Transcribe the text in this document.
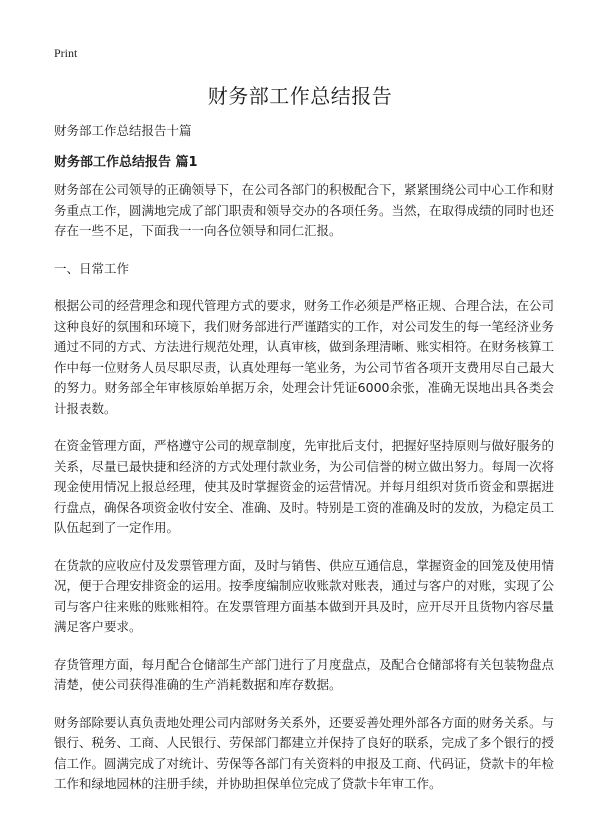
Print
财务部工作总结报告

财务部工作总结报告十篇

财务部工作总结报告 篇1

财务部在公司领导的正确领导下，在公司各部门的积极配合下，紧紧围绕公司中心工作和财务重点工作，圆满地完成了部门职责和领导交办的各项任务。当然，在取得成绩的同时也还存在一些不足，下面我一一向各位领导和同仁汇报。

一、日常工作

根据公司的经营理念和现代管理方式的要求，财务工作必须是严格正规、合理合法，在公司这种良好的氛围和环境下，我们财务部进行严谨踏实的工作，对公司发生的每一笔经济业务通过不同的方式、方法进行规范处理，认真审核，做到条理清晰、账实相符。在财务核算工作中每一位财务人员尽职尽责，认真处理每一笔业务，为公司节省各项开支费用尽自己最大的努力。财务部全年审核原始单据万余，处理会计凭证6000余张，准确无误地出具各类会计报表数。

在资金管理方面，严格遵守公司的规章制度，先审批后支付，把握好坚持原则与做好服务的关系，尽量已最快捷和经济的方式处理付款业务，为公司信誉的树立做出努力。每周一次将现金使用情况上报总经理，使其及时掌握资金的运营情况。并每月组织对货币资金和票据进行盘点，确保各项资金收付安全、准确、及时。特别是工资的准确及时的发放，为稳定员工队伍起到了一定作用。

在货款的应收应付及发票管理方面，及时与销售、供应互通信息，掌握资金的回笼及使用情况，便于合理安排资金的运用。按季度编制应收账款对账表，通过与客户的对账，实现了公司与客户往来账的账账相符。在发票管理方面基本做到开具及时，应开尽开且货物内容尽量满足客户要求。

存货管理方面，每月配合仓储部生产部门进行了月度盘点，及配合仓储部将有关包装物盘点清楚，使公司获得准确的生产消耗数据和库存数据。

财务部除要认真负责地处理公司内部财务关系外，还要妥善处理外部各方面的财务关系。与银行、税务、工商、人民银行、劳保部门都建立并保持了良好的联系，完成了多个银行的授信工作。圆满完成了对统计、劳保等各部门有关资料的申报及工商、代码证，贷款卡的年检工作和绿地园林的注册手续，并协助担保单位完成了贷款卡年审工作。
